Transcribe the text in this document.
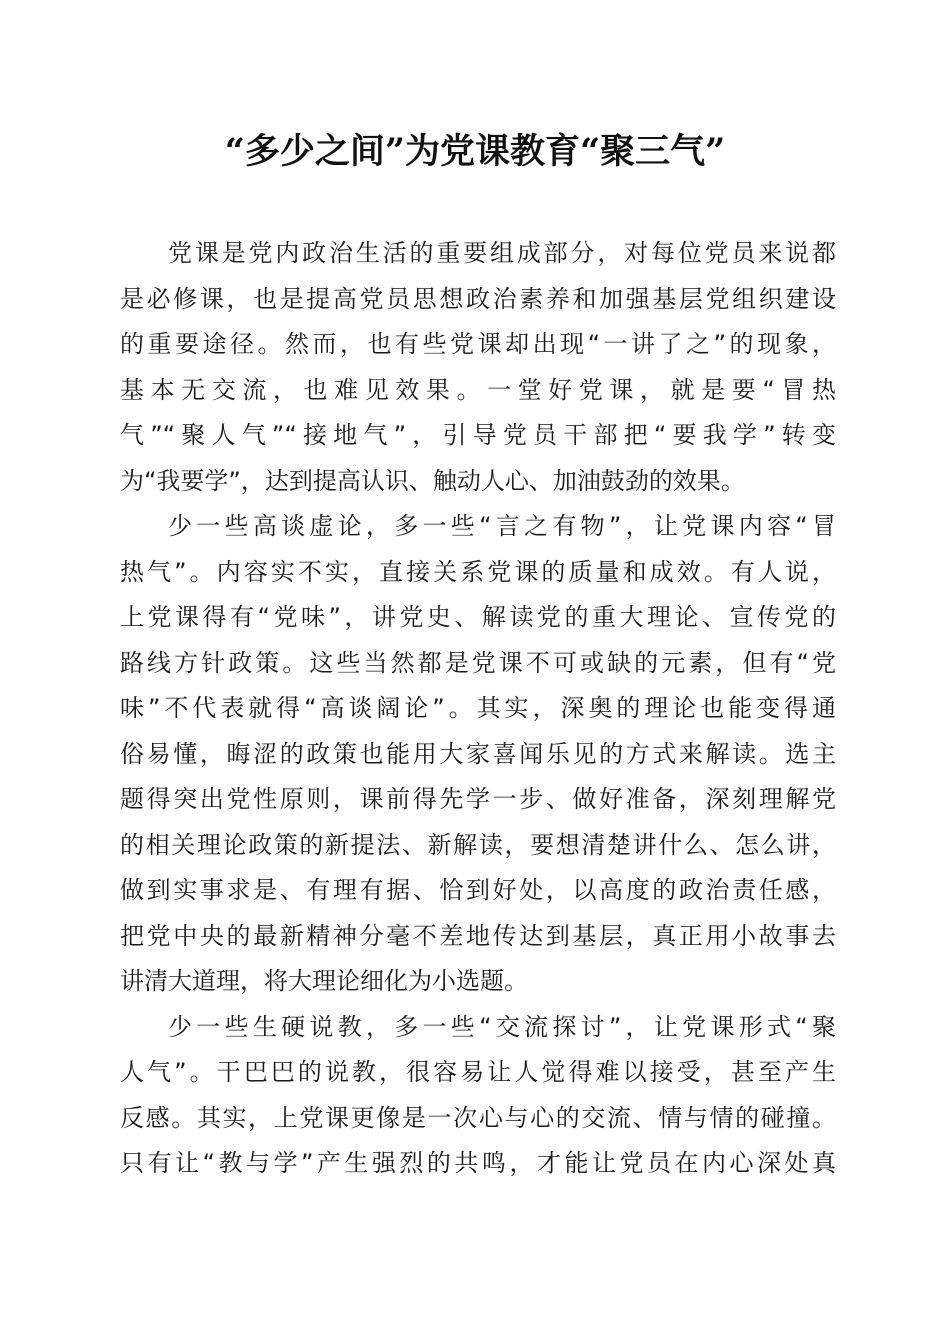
“多少之间”为党课教育“聚三气”
党课是党内政治生活的重要组成部分，对每位党员来说都
是必修课，也是提高党员思想政治素养和加强基层党组织建设
的重要途径。然而，也有些党课却出现“一讲了之”的现象，
基本无交流，也难见效果。一堂好党课，就是要“冒热
气”“聚人气”“接地气”，引导党员干部把“要我学”转变
为“我要学”，达到提高认识、触动人心、加油鼓劲的效果。
少一些高谈虚论，多一些“言之有物”，让党课内容“冒
热气”。内容实不实，直接关系党课的质量和成效。有人说，
上党课得有“党味”，讲党史、解读党的重大理论、宣传党的
路线方针政策。这些当然都是党课不可或缺的元素，但有“党
味”不代表就得“高谈阔论”。其实，深奥的理论也能变得通
俗易懂，晦涩的政策也能用大家喜闻乐见的方式来解读。选主
题得突出党性原则，课前得先学一步、做好准备，深刻理解党
的相关理论政策的新提法、新解读，要想清楚讲什么、怎么讲，
做到实事求是、有理有据、恰到好处，以高度的政治责任感，
把党中央的最新精神分毫不差地传达到基层，真正用小故事去
讲清大道理，将大理论细化为小选题。
少一些生硬说教，多一些“交流探讨”，让党课形式“聚
人气”。干巴巴的说教，很容易让人觉得难以接受，甚至产生
反感。其实，上党课更像是一次心与心的交流、情与情的碰撞。
只有让“教与学”产生强烈的共鸣，才能让党员在内心深处真
